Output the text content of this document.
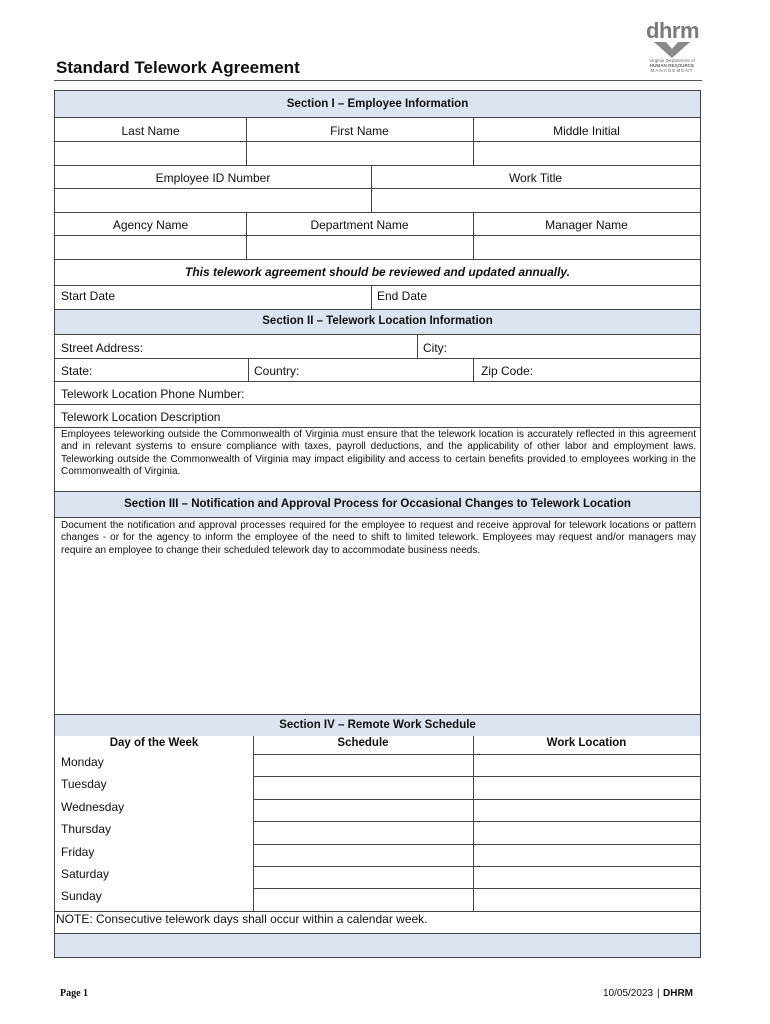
dhrm
Virginia Department of
HUMAN RESOURCE
MANAGEMENT
Standard Telework Agreement
Section I – Employee Information
Last Name	First Name	Middle Initial
Employee ID Number	Work Title
Agency Name	Department Name	Manager Name
This telework agreement should be reviewed and updated annually.
Start Date	End Date
Section II – Telework Location Information
Street Address:	City:
State:	Country:	Zip Code:
Telework Location Phone Number:
Telework Location Description
Employees teleworking outside the Commonwealth of Virginia must ensure that the telework location is accurately reflected in this agreement and in relevant systems to ensure compliance with taxes, payroll deductions, and the applicability of other labor and employment laws. Teleworking outside the Commonwealth of Virginia may impact eligibility and access to certain benefits provided to employees working in the Commonwealth of Virginia.
Section III – Notification and Approval Process for Occasional Changes to Telework Location
Document the notification and approval processes required for the employee to request and receive approval for telework locations or pattern changes - or for the agency to inform the employee of the need to shift to limited telework. Employees may request and/or managers may require an employee to change their scheduled telework day to accommodate business needs.
Section IV – Remote Work Schedule
Day of the Week	Schedule	Work Location
Monday
Tuesday
Wednesday
Thursday
Friday
Saturday
Sunday
NOTE: Consecutive telework days shall occur within a calendar week.
Page 1	10/05/2023 | DHRM
